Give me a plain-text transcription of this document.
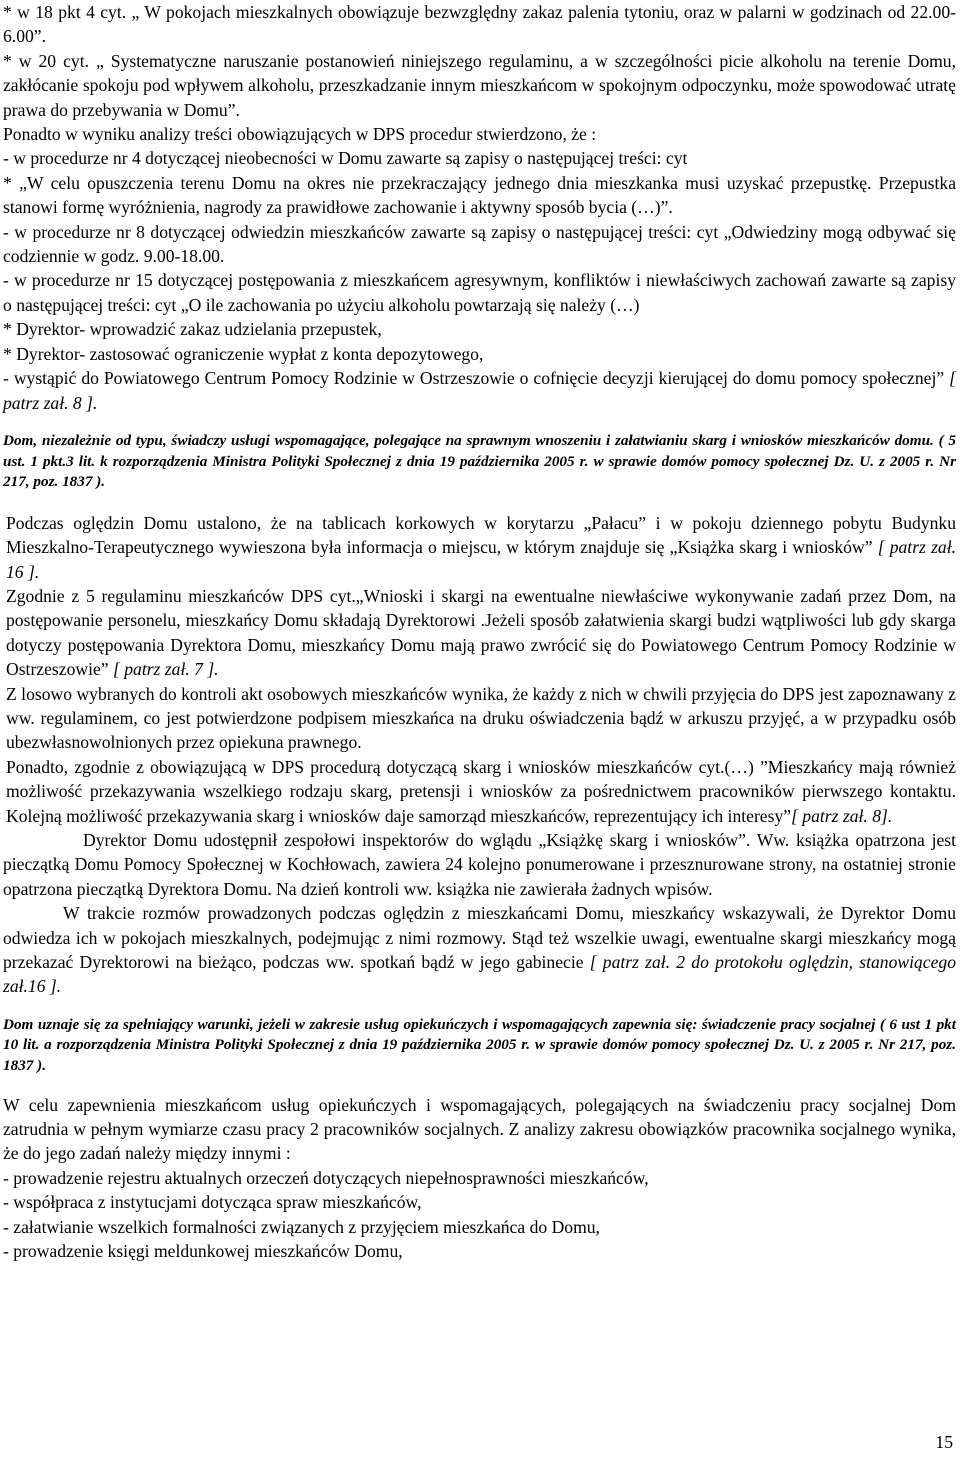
* w 18 pkt 4 cyt. „ W pokojach mieszkalnych obowiązuje bezwzględny zakaz palenia tytoniu, oraz w palarni w godzinach od 22.00-6.00”.

* w 20 cyt. „ Systematyczne naruszanie postanowień niniejszego regulaminu, a w szczególności picie alkoholu na terenie Domu, zakłócanie spokoju pod wpływem alkoholu, przeszkadzanie innym mieszkańcom w spokojnym odpoczynku, może spowodować utratę prawa do przebywania w Domu”.

Ponadto w wyniku analizy treści obowiązujących w DPS procedur stwierdzono, że :

- w procedurze nr 4 dotyczącej nieobecności w Domu zawarte są zapisy o następującej treści: cyt

* „W celu opuszczenia terenu Domu na okres nie przekraczający jednego dnia mieszkanka musi uzyskać przepustkę. Przepustka stanowi formę wyróżnienia, nagrody za prawidłowe zachowanie i aktywny sposób bycia (…)”.

- w procedurze nr 8 dotyczącej odwiedzin mieszkańców zawarte są zapisy o następującej treści: cyt „Odwiedziny mogą odbywać się codziennie w godz. 9.00-18.00.

- w procedurze nr 15 dotyczącej postępowania z mieszkańcem agresywnym, konfliktów i niewłaściwych zachowań zawarte są zapisy o następującej treści: cyt „O ile zachowania po użyciu alkoholu powtarzają się należy (…)

* Dyrektor- wprowadzić zakaz udzielania przepustek,

* Dyrektor- zastosować ograniczenie wypłat z konta depozytowego,

- wystąpić do Powiatowego Centrum Pomocy Rodzinie w Ostrzeszowie o cofnięcie decyzji kierującej do domu pomocy społecznej” [ patrz zał. 8 ].

Dom, niezależnie od typu, świadczy usługi wspomagające, polegające na sprawnym wnoszeniu i załatwianiu skarg i wniosków mieszkańców domu. ( 5 ust. 1 pkt.3 lit. k rozporządzenia Ministra Polityki Społecznej z dnia 19 października 2005 r. w sprawie domów pomocy społecznej Dz. U. z 2005 r. Nr 217, poz. 1837 ).

Podczas oględzin Domu ustalono, że na tablicach korkowych w korytarzu „Pałacu” i w pokoju dziennego pobytu Budynku Mieszkalno-Terapeutycznego wywieszona była informacja o miejscu, w którym znajduje się „Książka skarg i wniosków” [ patrz zał. 16 ].

Zgodnie z 5 regulaminu mieszkańców DPS cyt.„Wnioski i skargi na ewentualne niewłaściwe wykonywanie zadań przez Dom, na postępowanie personelu, mieszkańcy Domu składają Dyrektorowi .Jeżeli sposób załatwienia skargi budzi wątpliwości lub gdy skarga dotyczy postępowania Dyrektora Domu, mieszkańcy Domu mają prawo zwrócić się do Powiatowego Centrum Pomocy Rodzinie w Ostrzeszowie” [ patrz zał. 7 ].

Z losowo wybranych do kontroli akt osobowych mieszkańców wynika, że każdy z nich w chwili przyjęcia do DPS jest zapoznawany z ww. regulaminem, co jest potwierdzone podpisem mieszkańca na druku oświadczenia bądź w arkuszu przyjęć, a w przypadku osób ubezwłasnowolnionych przez opiekuna prawnego.

Ponadto, zgodnie z obowiązującą w DPS procedurą dotyczącą skarg i wniosków mieszkańców cyt.(…) ”Mieszkańcy mają również możliwość przekazywania wszelkiego rodzaju skarg, pretensji i wniosków za pośrednictwem pracowników pierwszego kontaktu. Kolejną możliwość przekazywania skarg i wniosków daje samorząd mieszkańców, reprezentujący ich interesy”[ patrz zał. 8].

Dyrektor Domu udostępnił zespołowi inspektorów do wglądu „Książkę skarg i wniosków”. Ww. książka opatrzona jest pieczątką Domu Pomocy Społecznej w Kochłowach, zawiera 24 kolejno ponumerowane i przesznurowane strony, na ostatniej stronie opatrzona pieczątką Dyrektora Domu. Na dzień kontroli ww. książka nie zawierała żadnych wpisów.

W trakcie rozmów prowadzonych podczas oględzin z mieszkańcami Domu, mieszkańcy wskazywali, że Dyrektor Domu odwiedza ich w pokojach mieszkalnych, podejmując z nimi rozmowy. Stąd też wszelkie uwagi, ewentualne skargi mieszkańcy mogą przekazać Dyrektorowi na bieżąco, podczas ww. spotkań bądź w jego gabinecie [ patrz zał. 2 do protokołu oględzin, stanowiącego zał.16 ].

Dom uznaje się za spełniający warunki, jeżeli w zakresie usług opiekuńczych i wspomagających zapewnia się: świadczenie pracy socjalnej ( 6 ust 1 pkt 10 lit. a rozporządzenia Ministra Polityki Społecznej z dnia 19 października 2005 r. w sprawie domów pomocy społecznej Dz. U. z 2005 r. Nr 217, poz. 1837 ).

W celu zapewnienia mieszkańcom usług opiekuńczych i wspomagających, polegających na świadczeniu pracy socjalnej Dom zatrudnia w pełnym wymiarze czasu pracy 2 pracowników socjalnych. Z analizy zakresu obowiązków pracownika socjalnego wynika, że do jego zadań należy między innymi :

- prowadzenie rejestru aktualnych orzeczeń dotyczących niepełnosprawności mieszkańców,

- współpraca z instytucjami dotycząca spraw mieszkańców,

- załatwianie wszelkich formalności związanych z przyjęciem mieszkańca do Domu,

- prowadzenie księgi meldunkowej mieszkańców Domu,

15
